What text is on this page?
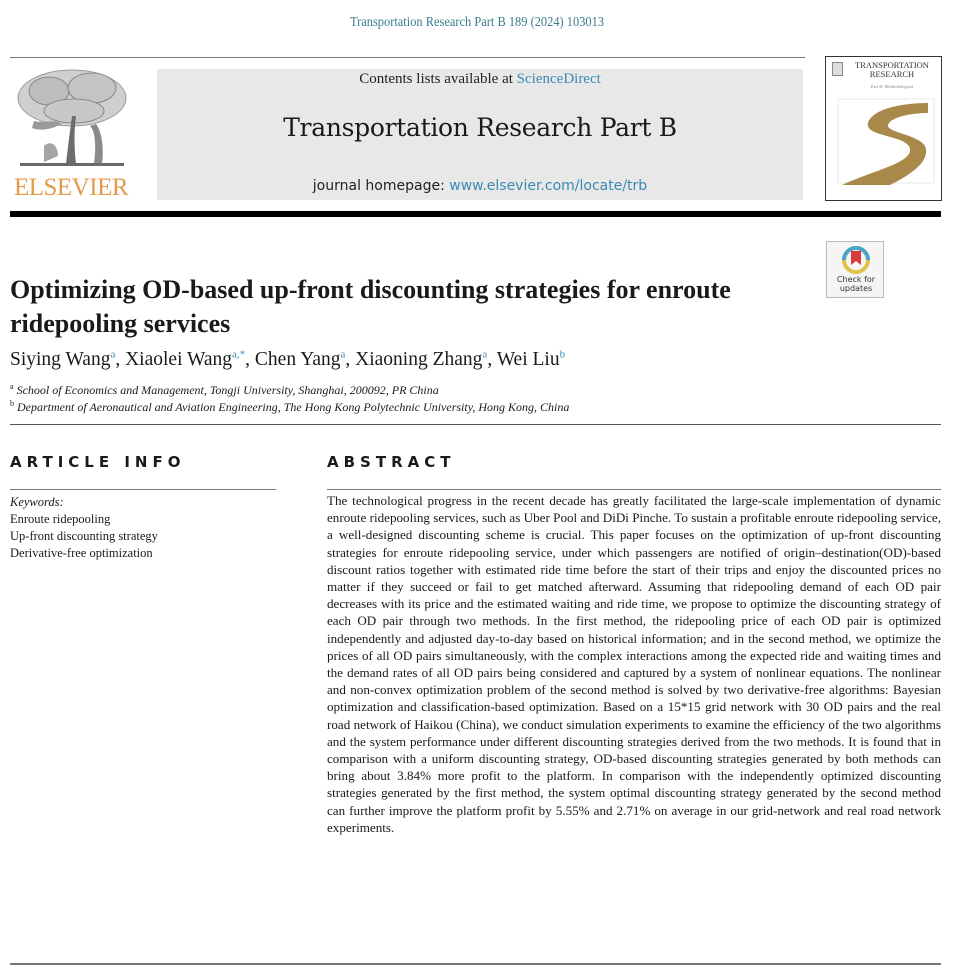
Transportation Research Part B 189 (2024) 103013
ELSEVIER
Contents lists available at ScienceDirect
Transportation Research Part B
journal homepage: www.elsevier.com/locate/trb
TRANSPORTATION
RESEARCH
Part B: Methodological
Check for
updates
Optimizing OD-based up-front discounting strategies for enroute ridepooling services
Siying Wang$^a$, Xiaolei Wang$^{a,*}$, Chen Yang$^a$, Xiaoning Zhang$^a$, Wei Liu$^b$
$^a$ School of Economics and Management, Tongji University, Shanghai, 200092, PR China
$^b$ Department of Aeronautical and Aviation Engineering, The Hong Kong Polytechnic University, Hong Kong, China
ARTICLE INFO	ABSTRACT
Keywords:
Enroute ridepooling
Up-front discounting strategy
Derivative-free optimization

The technological progress in the recent decade has greatly facilitated the large-scale implementation of dynamic enroute ridepooling services, such as Uber Pool and DiDi Pinche. To sustain a profitable enroute ridepooling service, a well-designed discounting scheme is crucial. This paper focuses on the optimization of up-front discounting strategies for enroute ridepooling service, under which passengers are notified of origin–destination(OD)-based discount ratios together with estimated ride time before the start of their trips and enjoy the discounted prices no matter if they succeed or fail to get matched afterward. Assuming that ridepooling demand of each OD pair decreases with its price and the estimated waiting and ride time, we propose to optimize the discounting strategy of each OD pair through two methods. In the first method, the ridepooling price of each OD pair is optimized independently and adjusted day-to-day based on historical information; and in the second method, we optimize the prices of all OD pairs simultaneously, with the complex interactions among the expected ride and waiting times and the demand rates of all OD pairs being considered and captured by a system of nonlinear equations. The nonlinear and non-convex optimization problem of the second method is solved by two derivative-free algorithms: Bayesian optimization and classification-based optimization. Based on a 15*15 grid network with 30 OD pairs and the real road network of Haikou (China), we conduct simulation experiments to examine the efficiency of the two algorithms and the system performance under different discounting strategies derived from the two methods. It is found that in comparison with a uniform discounting strategy, OD-based discounting strategies generated by both methods can bring about 3.84% more profit to the platform. In comparison with the independently optimized discounting strategies generated by the first method, the system optimal discounting strategy generated by the second method can further improve the platform profit by 5.55% and 2.71% on average in our grid-network and real road network experiments.
